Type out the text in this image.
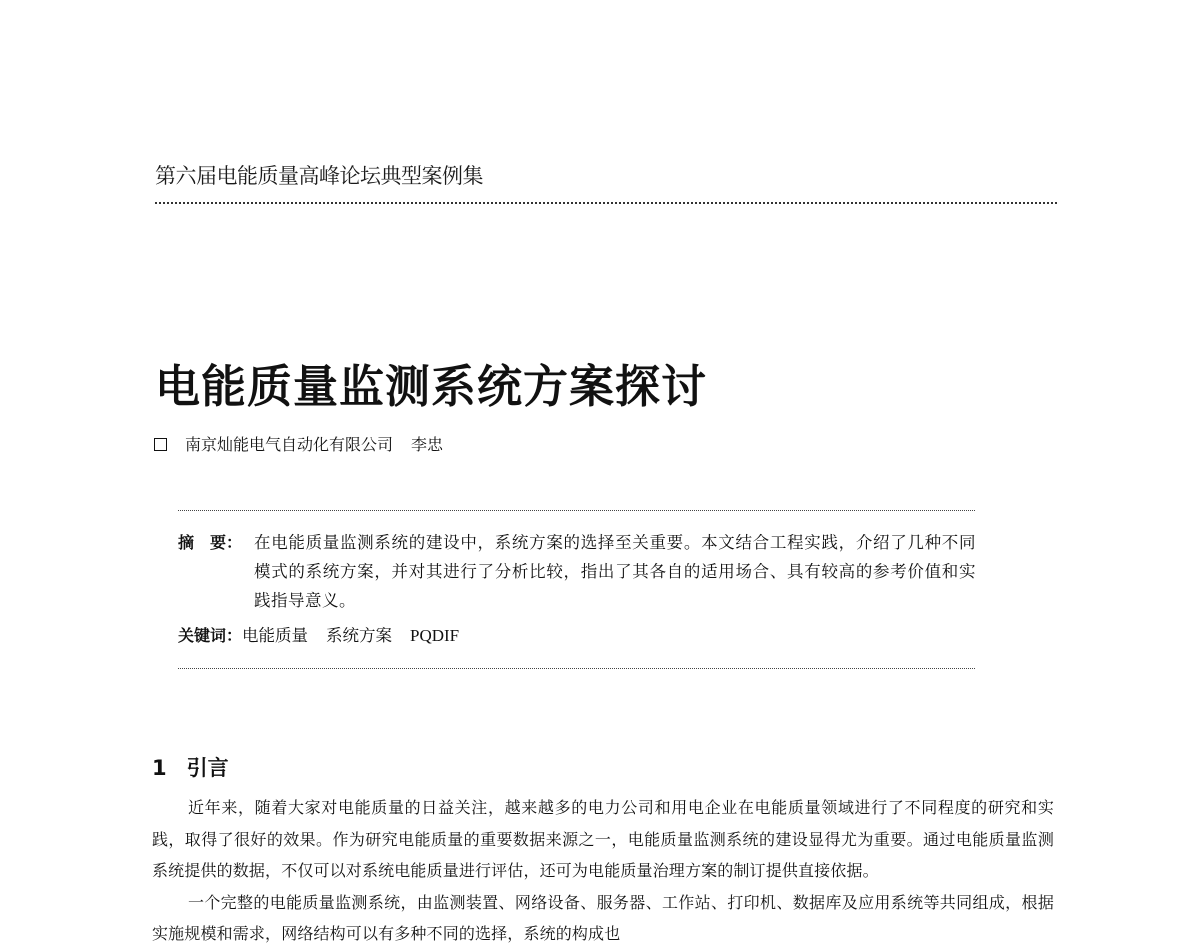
第六届电能质量高峰论坛典型案例集
电能质量监测系统方案探讨
南京灿能电气自动化有限公司 李忠
摘 要： 在电能质量监测系统的建设中，系统方案的选择至关重要。本文结合工程实践，介绍了几种不同模式的系统方案，并对其进行了分析比较，指出了其各自的适用场合、具有较高的参考价值和实践指导意义。
关键词：电能质量 系统方案 PQDIF
1 引言

近年来，随着大家对电能质量的日益关注，越来越多的电力公司和用电企业在电能质量领域进行了不同程度的研究和实践，取得了很好的效果。作为研究电能质量的重要数据来源之一，电能质量监测系统的建设显得尤为重要。通过电能质量监测系统提供的数据，不仅可以对系统电能质量进行评估，还可为电能质量治理方案的制订提供直接依据。

一个完整的电能质量监测系统，由监测装置、网络设备、服务器、工作站、打印机、数据库及应用系统等共同组成，根据实施规模和需求，网络结构可以有多种不同的选择，系统的构成也
